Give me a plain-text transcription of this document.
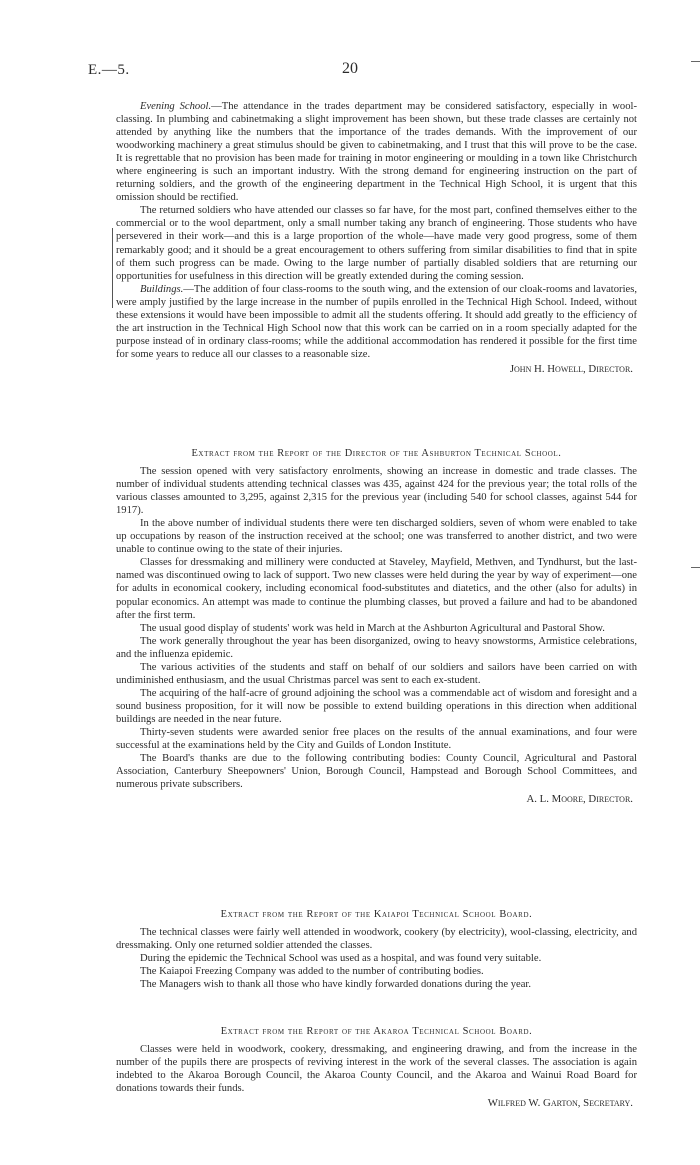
E.—5.	20

Evening School.—The attendance in the trades department may be considered satisfactory, especially in wool-classing. In plumbing and cabinetmaking a slight improvement has been shown, but these trade classes are certainly not attended by anything like the numbers that the importance of the trades demands. With the improvement of our woodworking machinery a great stimulus should be given to cabinetmaking, and I trust that this will prove to be the case. It is regrettable that no provision has been made for training in motor engineering or moulding in a town like Christchurch where engineering is such an important industry. With the strong demand for engineering instruction on the part of returning soldiers, and the growth of the engineering department in the Technical High School, it is urgent that this omission should be rectified.

The returned soldiers who have attended our classes so far have, for the most part, confined themselves either to the commercial or to the wool department, only a small number taking any branch of engineering. Those students who have persevered in their work—and this is a large proportion of the whole—have made very good progress, some of them remarkably good; and it should be a great encouragement to others suffering from similar disabilities to find that in spite of them such progress can be made. Owing to the large number of partially disabled soldiers that are returning our opportunities for usefulness in this direction will be greatly extended during the coming session.

Buildings.—The addition of four class-rooms to the south wing, and the extension of our cloak-rooms and lavatories, were amply justified by the large increase in the number of pupils enrolled in the Technical High School. Indeed, without these extensions it would have been impossible to admit all the students offering. It should add greatly to the efficiency of the art instruction in the Technical High School now that this work can be carried on in a room specially adapted for the purpose instead of in ordinary class-rooms; while the additional accommodation has rendered it possible for the first time for some years to reduce all our classes to a reasonable size.

John H. Howell, Director.

Extract from the Report of the Director of the Ashburton Technical School.

The session opened with very satisfactory enrolments, showing an increase in domestic and trade classes. The number of individual students attending technical classes was 435, against 424 for the previous year; the total rolls of the various classes amounted to 3,295, against 2,315 for the previous year (including 540 for school classes, against 544 for 1917).

In the above number of individual students there were ten discharged soldiers, seven of whom were enabled to take up occupations by reason of the instruction received at the school; one was transferred to another district, and two were unable to continue owing to the state of their injuries.

Classes for dressmaking and millinery were conducted at Staveley, Mayfield, Methven, and Tyndhurst, but the last-named was discontinued owing to lack of support. Two new classes were held during the year by way of experiment—one for adults in economical cookery, including economical food-substitutes and diatetics, and the other (also for adults) in popular economics. An attempt was made to continue the plumbing classes, but proved a failure and had to be abandoned after the first term.

The usual good display of students' work was held in March at the Ashburton Agricultural and Pastoral Show.

The work generally throughout the year has been disorganized, owing to heavy snowstorms, Armistice celebrations, and the influenza epidemic.

The various activities of the students and staff on behalf of our soldiers and sailors have been carried on with undiminished enthusiasm, and the usual Christmas parcel was sent to each ex-student.

The acquiring of the half-acre of ground adjoining the school was a commendable act of wisdom and foresight and a sound business proposition, for it will now be possible to extend building operations in this direction when additional buildings are needed in the near future.

Thirty-seven students were awarded senior free places on the results of the annual examinations, and four were successful at the examinations held by the City and Guilds of London Institute.

The Board's thanks are due to the following contributing bodies: County Council, Agricultural and Pastoral Association, Canterbury Sheepowners' Union, Borough Council, Hampstead and Borough School Committees, and numerous private subscribers.

A. L. Moore, Director.

Extract from the Report of the Kaiapoi Technical School Board.

The technical classes were fairly well attended in woodwork, cookery (by electricity), wool-classing, electricity, and dressmaking. Only one returned soldier attended the classes.

During the epidemic the Technical School was used as a hospital, and was found very suitable.

The Kaiapoi Freezing Company was added to the number of contributing bodies.

The Managers wish to thank all those who have kindly forwarded donations during the year.

Extract from the Report of the Akaroa Technical School Board.

Classes were held in woodwork, cookery, dressmaking, and engineering drawing, and from the increase in the number of the pupils there are prospects of reviving interest in the work of the several classes. The association is again indebted to the Akaroa Borough Council, the Akaroa County Council, and the Akaroa and Wainui Road Board for donations towards their funds.

Wilfred W. Garton, Secretary.
